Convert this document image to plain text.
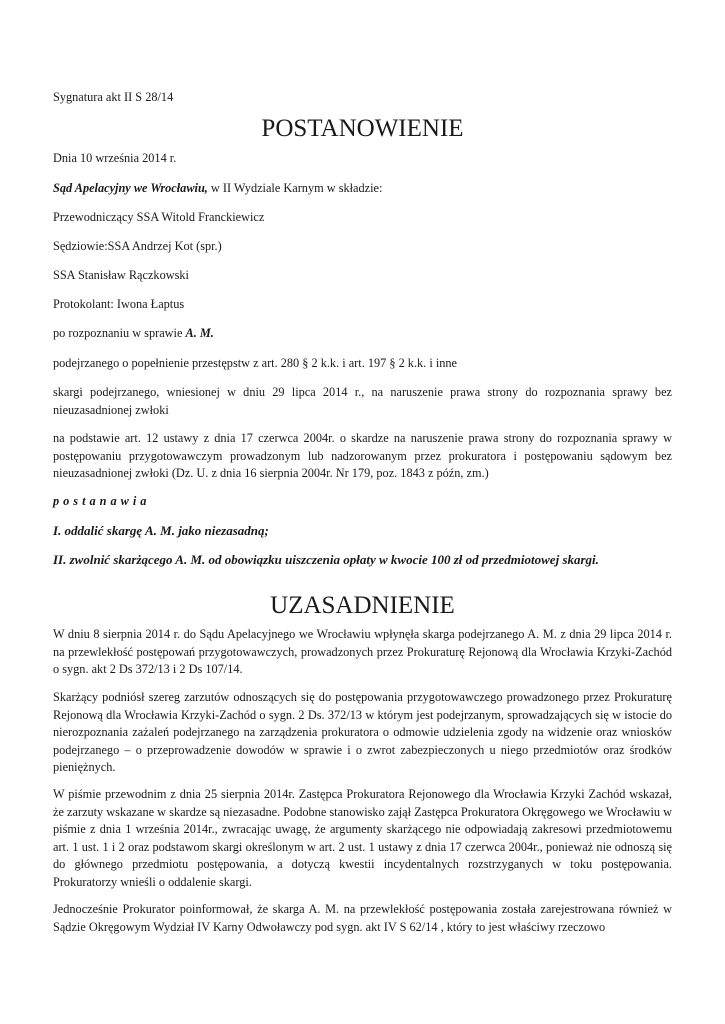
Sygnatura akt II S 28/14

POSTANOWIENIE

Dnia 10 września 2014 r.

Sąd Apelacyjny we Wrocławiu, w II Wydziale Karnym w składzie:

Przewodniczący SSA Witold Franckiewicz

Sędziowie:SSA Andrzej Kot (spr.)

SSA Stanisław Rączkowski

Protokolant: Iwona Łaptus

po rozpoznaniu w sprawie A. M.

podejrzanego o popełnienie przestępstw z art. 280 § 2 k.k. i art. 197 § 2 k.k. i inne

skargi podejrzanego, wniesionej w dniu 29 lipca 2014 r., na naruszenie prawa strony do rozpoznania sprawy bez nieuzasadnionej zwłoki

na podstawie art. 12 ustawy z dnia 17 czerwca 2004r. o skardze na naruszenie prawa strony do rozpoznania sprawy w postępowaniu przygotowawczym prowadzonym lub nadzorowanym przez prokuratora i postępowaniu sądowym bez nieuzasadnionej zwłoki (Dz. U. z dnia 16 sierpnia 2004r. Nr 179, poz. 1843 z późn, zm.)

postanawia

I. oddalić skargę A. M. jako niezasadną;

II. zwolnić skarżącego A. M. od obowiązku uiszczenia opłaty w kwocie 100 zł od przedmiotowej skargi.

UZASADNIENIE

W dniu 8 sierpnia 2014 r. do Sądu Apelacyjnego we Wrocławiu wpłynęła skarga podejrzanego A. M. z dnia 29 lipca 2014 r. na przewlekłość postępowań przygotowawczych, prowadzonych przez Prokuraturę Rejonową dla Wrocławia Krzyki-Zachód o sygn. akt 2 Ds 372/13 i 2 Ds 107/14.

Skarżący podniósł szereg zarzutów odnoszących się do postępowania przygotowawczego prowadzonego przez Prokuraturę Rejonową dla Wrocławia Krzyki-Zachód o sygn. 2 Ds. 372/13 w którym jest podejrzanym, sprowadzających się w istocie do nierozpoznania zażaleń podejrzanego na zarządzenia prokuratora o odmowie udzielenia zgody na widzenie oraz wniosków podejrzanego – o przeprowadzenie dowodów w sprawie i o zwrot zabezpieczonych u niego przedmiotów oraz środków pieniężnych.

W piśmie przewodnim z dnia 25 sierpnia 2014r. Zastępca Prokuratora Rejonowego dla Wrocławia Krzyki Zachód wskazał, że zarzuty wskazane w skardze są niezasadne. Podobne stanowisko zajął Zastępca Prokuratora Okręgowego we Wrocławiu w piśmie z dnia 1 września 2014r., zwracając uwagę, że argumenty skarżącego nie odpowiadają zakresowi przedmiotowemu art. 1 ust. 1 i 2 oraz podstawom skargi określonym w art. 2 ust. 1 ustawy z dnia 17 czerwca 2004r., ponieważ nie odnoszą się do głównego przedmiotu postępowania, a dotyczą kwestii incydentalnych rozstrzyganych w toku postępowania. Prokuratorzy wnieśli o oddalenie skargi.

Jednocześnie Prokurator poinformował, że skarga A. M. na przewlekłość postępowania została zarejestrowana również w Sądzie Okręgowym Wydział IV Karny Odwoławczy pod sygn. akt IV S 62/14 , który to jest właściwy rzeczowo
